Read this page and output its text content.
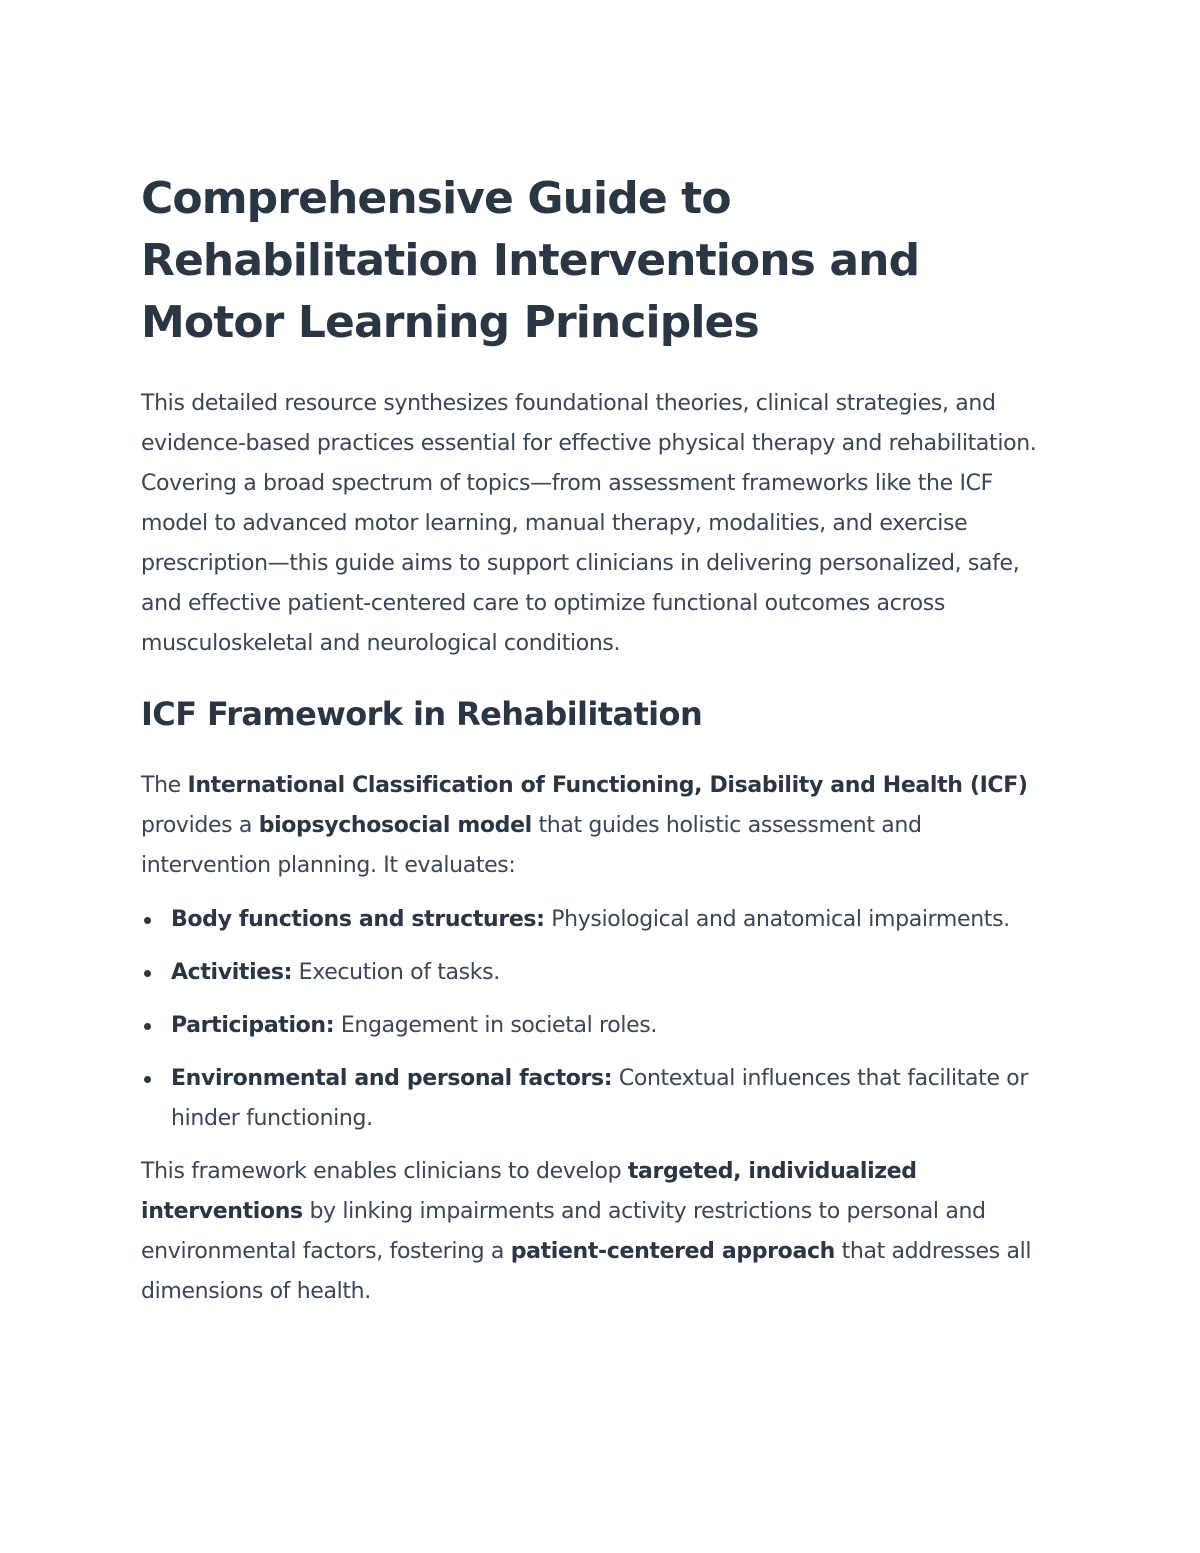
Comprehensive Guide to Rehabilitation Interventions and Motor Learning Principles

This detailed resource synthesizes foundational theories, clinical strategies, and evidence-based practices essential for effective physical therapy and rehabilitation. Covering a broad spectrum of topics—from assessment frameworks like the ICF model to advanced motor learning, manual therapy, modalities, and exercise prescription—this guide aims to support clinicians in delivering personalized, safe, and effective patient-centered care to optimize functional outcomes across musculoskeletal and neurological conditions.

ICF Framework in Rehabilitation

The International Classification of Functioning, Disability and Health (ICF) provides a biopsychosocial model that guides holistic assessment and intervention planning. It evaluates:

Body functions and structures: Physiological and anatomical impairments.
Activities: Execution of tasks.
Participation: Engagement in societal roles.
Environmental and personal factors: Contextual influences that facilitate or hinder functioning.

This framework enables clinicians to develop targeted, individualized interventions by linking impairments and activity restrictions to personal and environmental factors, fostering a patient-centered approach that addresses all dimensions of health.
